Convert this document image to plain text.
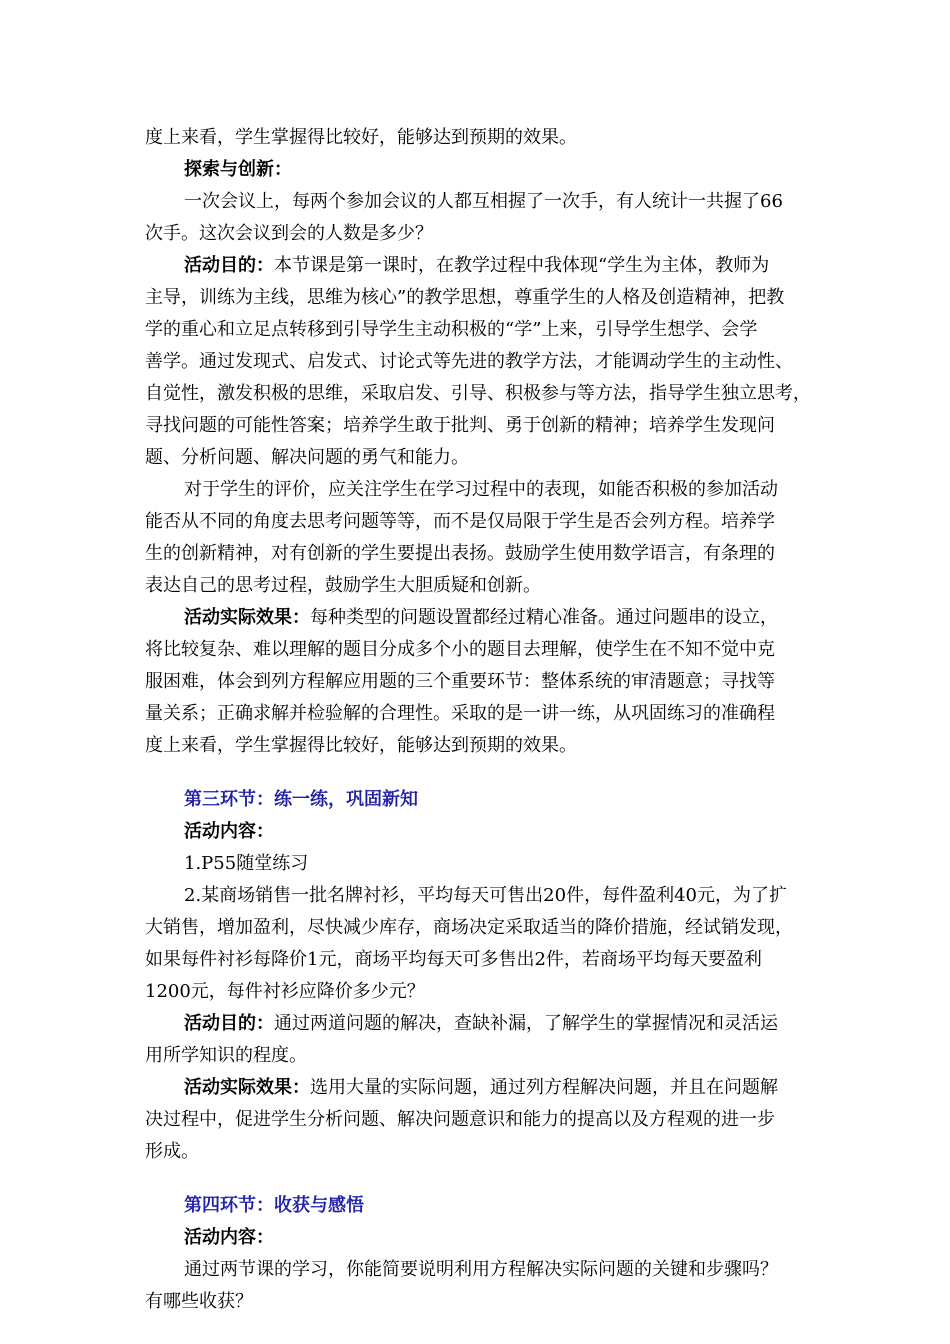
度上来看，学生掌握得比较好，能够达到预期的效果。
探索与创新：
一次会议上，每两个参加会议的人都互相握了一次手，有人统计一共握了66
次手。这次会议到会的人数是多少？
活动目的：本节课是第一课时，在教学过程中我体现“学生为主体，教师为
主导，训练为主线，思维为核心”的教学思想，尊重学生的人格及创造精神，把教
学的重心和立足点转移到引导学生主动积极的“学”上来，引导学生想学、会学
善学。通过发现式、启发式、讨论式等先进的教学方法，才能调动学生的主动性、
自觉性，激发积极的思维，采取启发、引导、积极参与等方法，指导学生独立思考，
寻找问题的可能性答案；培养学生敢于批判、勇于创新的精神；培养学生发现问
题、分析问题、解决问题的勇气和能力。
对于学生的评价，应关注学生在学习过程中的表现，如能否积极的参加活动
能否从不同的角度去思考问题等等，而不是仅局限于学生是否会列方程。培养学
生的创新精神，对有创新的学生要提出表扬。鼓励学生使用数学语言，有条理的
表达自己的思考过程，鼓励学生大胆质疑和创新。
活动实际效果：每种类型的问题设置都经过精心准备。通过问题串的设立，
将比较复杂、难以理解的题目分成多个小的题目去理解，使学生在不知不觉中克
服困难，体会到列方程解应用题的三个重要环节：整体系统的审清题意；寻找等
量关系；正确求解并检验解的合理性。采取的是一讲一练，从巩固练习的准确程
度上来看，学生掌握得比较好，能够达到预期的效果。
第三环节：练一练，巩固新知
活动内容：
1.P55随堂练习
2.某商场销售一批名牌衬衫，平均每天可售出20件，每件盈利40元，为了扩
大销售，增加盈利，尽快减少库存，商场决定采取适当的降价措施，经试销发现，
如果每件衬衫每降价1元，商场平均每天可多售出2件，若商场平均每天要盈利
1200元，每件衬衫应降价多少元？
活动目的：通过两道问题的解决，查缺补漏，了解学生的掌握情况和灵活运
用所学知识的程度。
活动实际效果：选用大量的实际问题，通过列方程解决问题，并且在问题解
决过程中，促进学生分析问题、解决问题意识和能力的提高以及方程观的进一步
形成。
第四环节：收获与感悟
活动内容：
通过两节课的学习，你能简要说明利用方程解决实际问题的关键和步骤吗？
有哪些收获？
